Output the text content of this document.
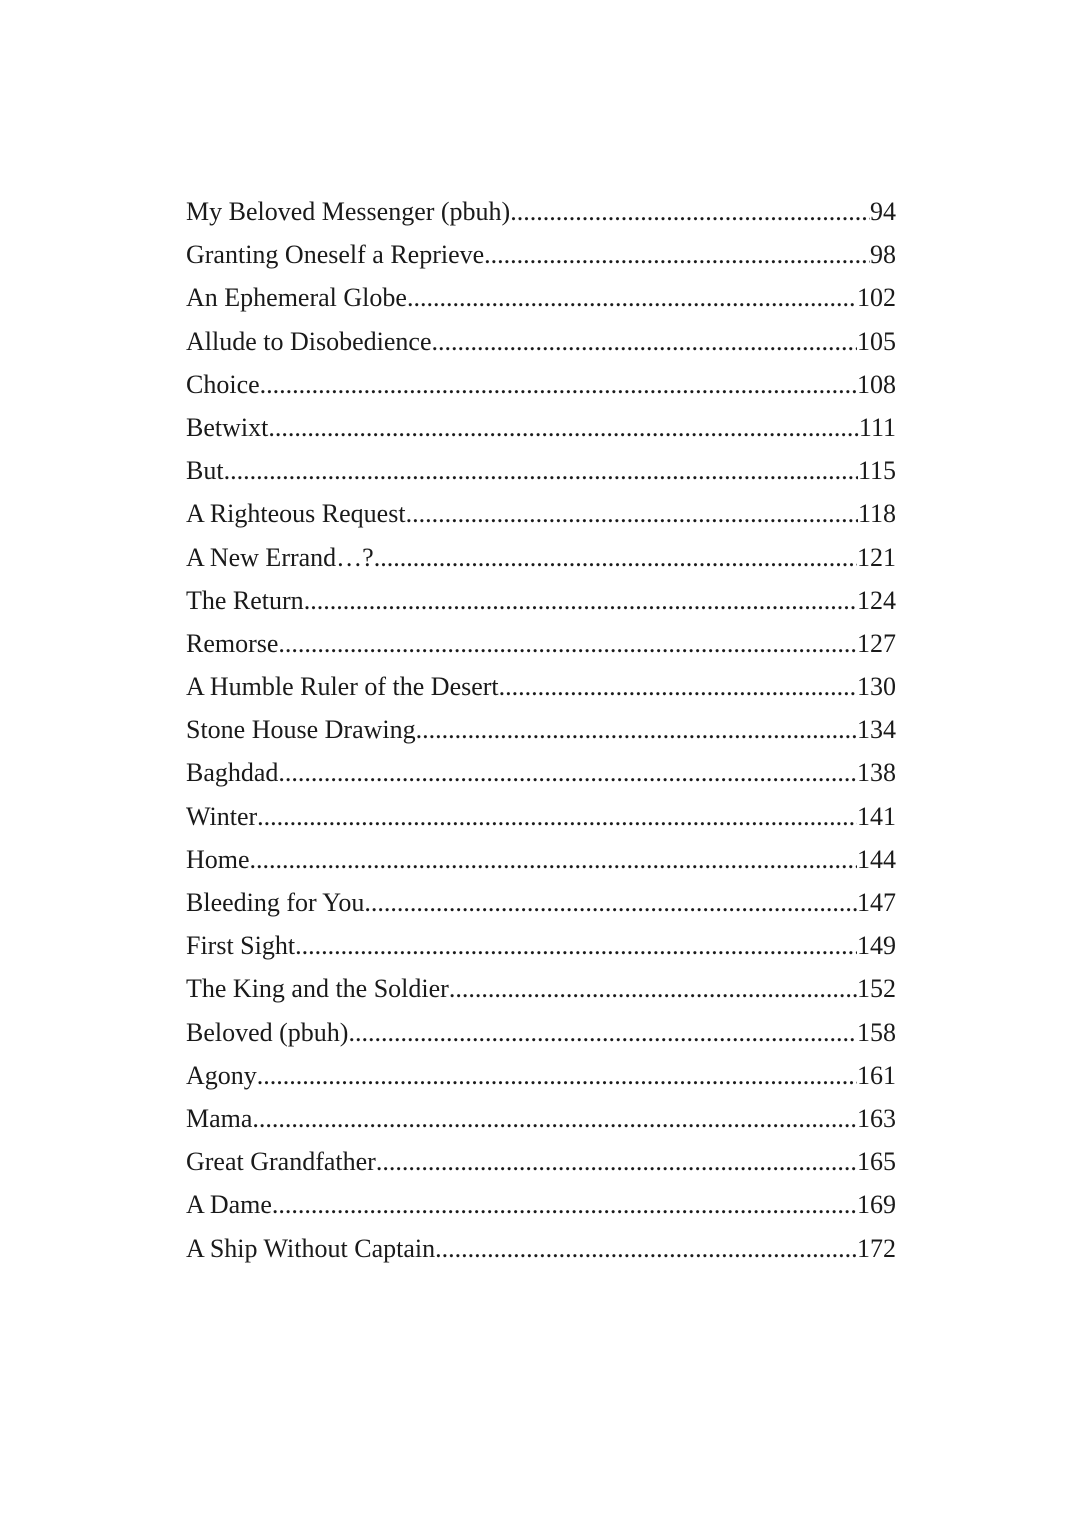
My Beloved Messenger (pbuh) .....	94
Granting Oneself a Reprieve .....	98
An Ephemeral Globe .....	102
Allude to Disobedience .....	105
Choice .....	108
Betwixt .....	111
But .....	115
A Righteous Request .....	118
A New Errand…? .....	121
The Return .....	124
Remorse .....	127
A Humble Ruler of the Desert .....	130
Stone House Drawing .....	134
Baghdad .....	138
Winter .....	141
Home .....	144
Bleeding for You .....	147
First Sight .....	149
The King and the Soldier .....	152
Beloved (pbuh) .....	158
Agony .....	161
Mama .....	163
Great Grandfather .....	165
A Dame .....	169
A Ship Without Captain .....	172
